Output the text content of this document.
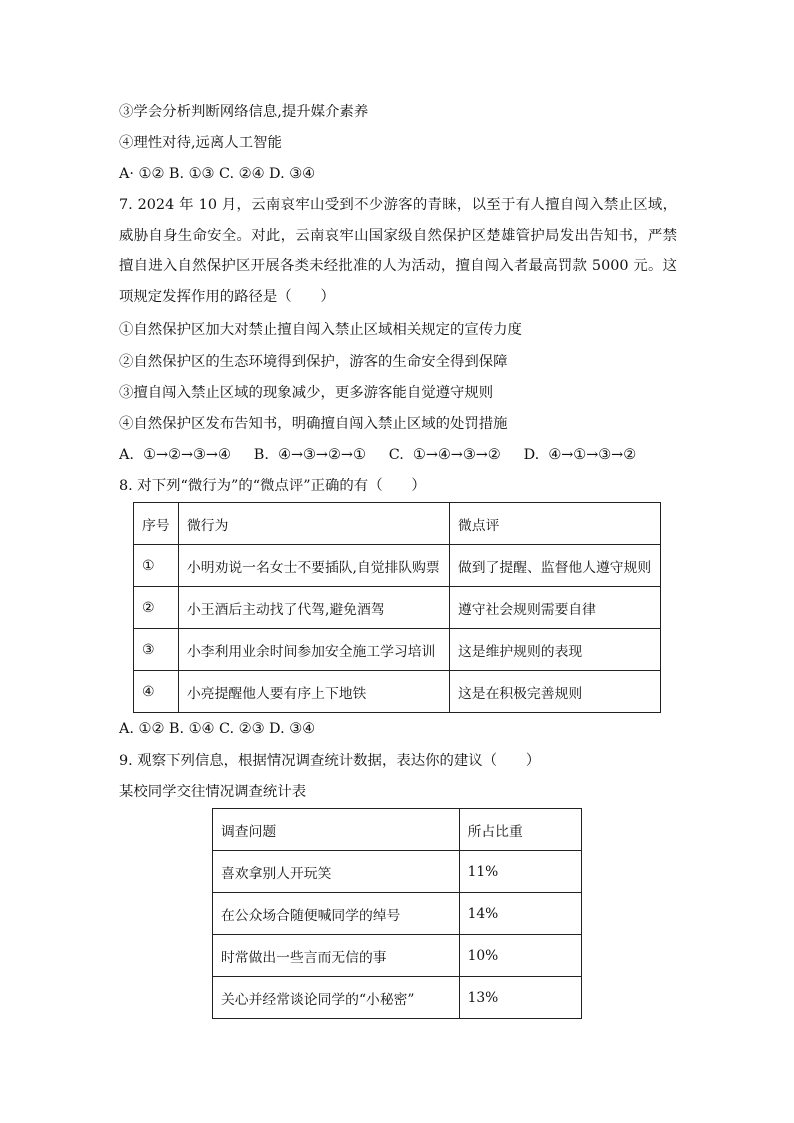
③学会分析判断网络信息,提升媒介素养
④理性对待,远离人工智能
A· ①② B. ①③ C. ②④ D. ③④
7. 2024 年 10 月，云南哀牢山受到不少游客的青睐，以至于有人擅自闯入禁止区域，威胁自身生命安全。对此，云南哀牢山国家级自然保护区楚雄管护局发出告知书，严禁擅自进入自然保护区开展各类未经批准的人为活动，擅自闯入者最高罚款 5000 元。这项规定发挥作用的路径是（　　）
①自然保护区加大对禁止擅自闯入禁止区域相关规定的宣传力度
②自然保护区的生态环境得到保护，游客的生命安全得到保障
③擅自闯入禁止区域的现象减少，更多游客能自觉遵守规则
④自然保护区发布告知书，明确擅自闯入禁止区域的处罚措施
A.  ①→②→③→④     B.  ④→③→②→①     C.  ①→④→③→②     D.  ④→①→③→②
8. 对下列“微行为”的“微点评”正确的有（　　）
序号	微行为	微点评
①	小明劝说一名女士不要插队,自觉排队购票	做到了提醒、监督他人遵守规则
②	小王酒后主动找了代驾,避免酒驾	遵守社会规则需要自律
③	小李利用业余时间参加安全施工学习培训	这是维护规则的表现
④	小亮提醒他人要有序上下地铁	这是在积极完善规则
A. ①② B. ①④ C. ②③ D. ③④
9. 观察下列信息，根据情况调查统计数据，表达你的建议（　　）
某校同学交往情况调查统计表
调查问题	所占比重
喜欢拿别人开玩笑	11%
在公众场合随便喊同学的绰号	14%
时常做出一些言而无信的事	10%
关心并经常谈论同学的“小秘密”	13%
